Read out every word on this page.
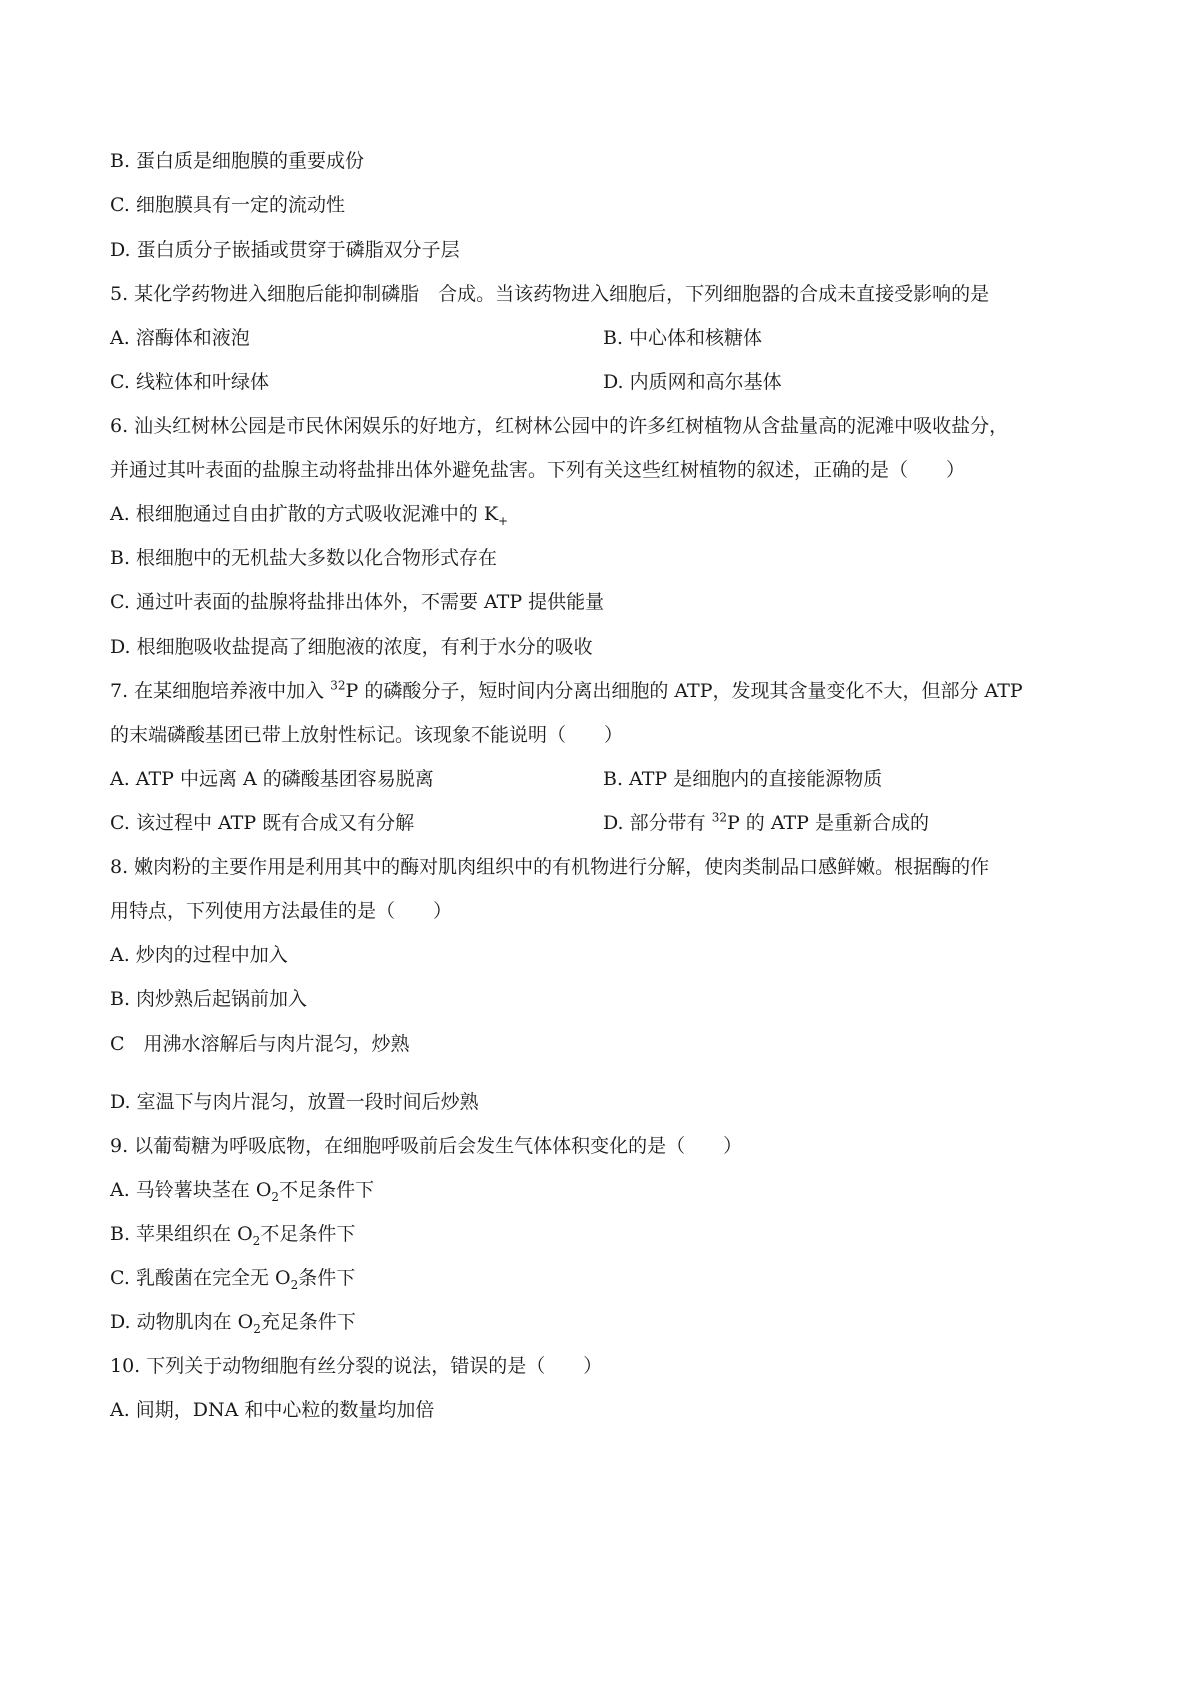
B. 蛋白质是细胞膜的重要成份
C. 细胞膜具有一定的流动性
D. 蛋白质分子嵌插或贯穿于磷脂双分子层
5. 某化学药物进入细胞后能抑制磷脂　合成。当该药物进入细胞后，下列细胞器的合成未直接受影响的是
A. 溶酶体和液泡	B. 中心体和核糖体
C. 线粒体和叶绿体	D. 内质网和高尔基体
6. 汕头红树林公园是市民休闲娱乐的好地方，红树林公园中的许多红树植物从含盐量高的泥滩中吸收盐分，
并通过其叶表面的盐腺主动将盐排出体外避免盐害。下列有关这些红树植物的叙述，正确的是（　　）
A. 根细胞通过自由扩散的方式吸收泥滩中的 $K_+$
B. 根细胞中的无机盐大多数以化合物形式存在
C. 通过叶表面的盐腺将盐排出体外，不需要 ATP 提供能量
D. 根细胞吸收盐提高了细胞液的浓度，有利于水分的吸收
7. 在某细胞培养液中加入 $^{32}$P 的磷酸分子，短时间内分离出细胞的 ATP，发现其含量变化不大，但部分 ATP
的末端磷酸基团已带上放射性标记。该现象不能说明（　　）
A. ATP 中远离 A 的磷酸基团容易脱离	B. ATP 是细胞内的直接能源物质
C. 该过程中 ATP 既有合成又有分解	D. 部分带有 $^{32}$P 的 ATP 是重新合成的
8. 嫩肉粉的主要作用是利用其中的酶对肌肉组织中的有机物进行分解，使肉类制品口感鲜嫩。根据酶的作
用特点，下列使用方法最佳的是（　　）
A. 炒肉的过程中加入
B. 肉炒熟后起锅前加入
C　用沸水溶解后与肉片混匀，炒熟
D. 室温下与肉片混匀，放置一段时间后炒熟
9. 以葡萄糖为呼吸底物，在细胞呼吸前后会发生气体体积变化的是（　　）
A. 马铃薯块茎在 $O_2$不足条件下
B. 苹果组织在 $O_2$不足条件下
C. 乳酸菌在完全无 $O_2$条件下
D. 动物肌肉在 $O_2$充足条件下
10. 下列关于动物细胞有丝分裂的说法，错误的是（　　）
A. 间期，DNA 和中心粒的数量均加倍
